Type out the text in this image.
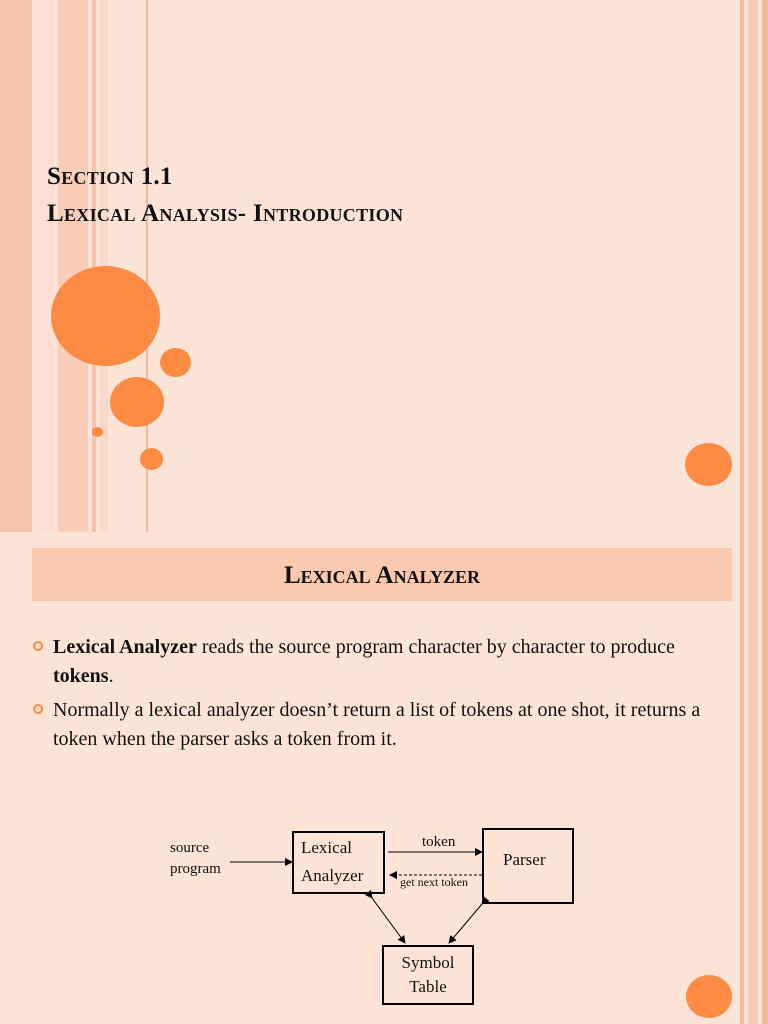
Section 1.1

Lexical Analysis- Introduction

Lexical Analyzer
Lexical Analyzer reads the source program character by character to produce tokens.
Normally a lexical analyzer doesn’t return a list of tokens at one shot, it returns a token when the parser asks a token from it.
source
program
Lexical
Analyzer
token
get next token
Parser
Symbol
Table
